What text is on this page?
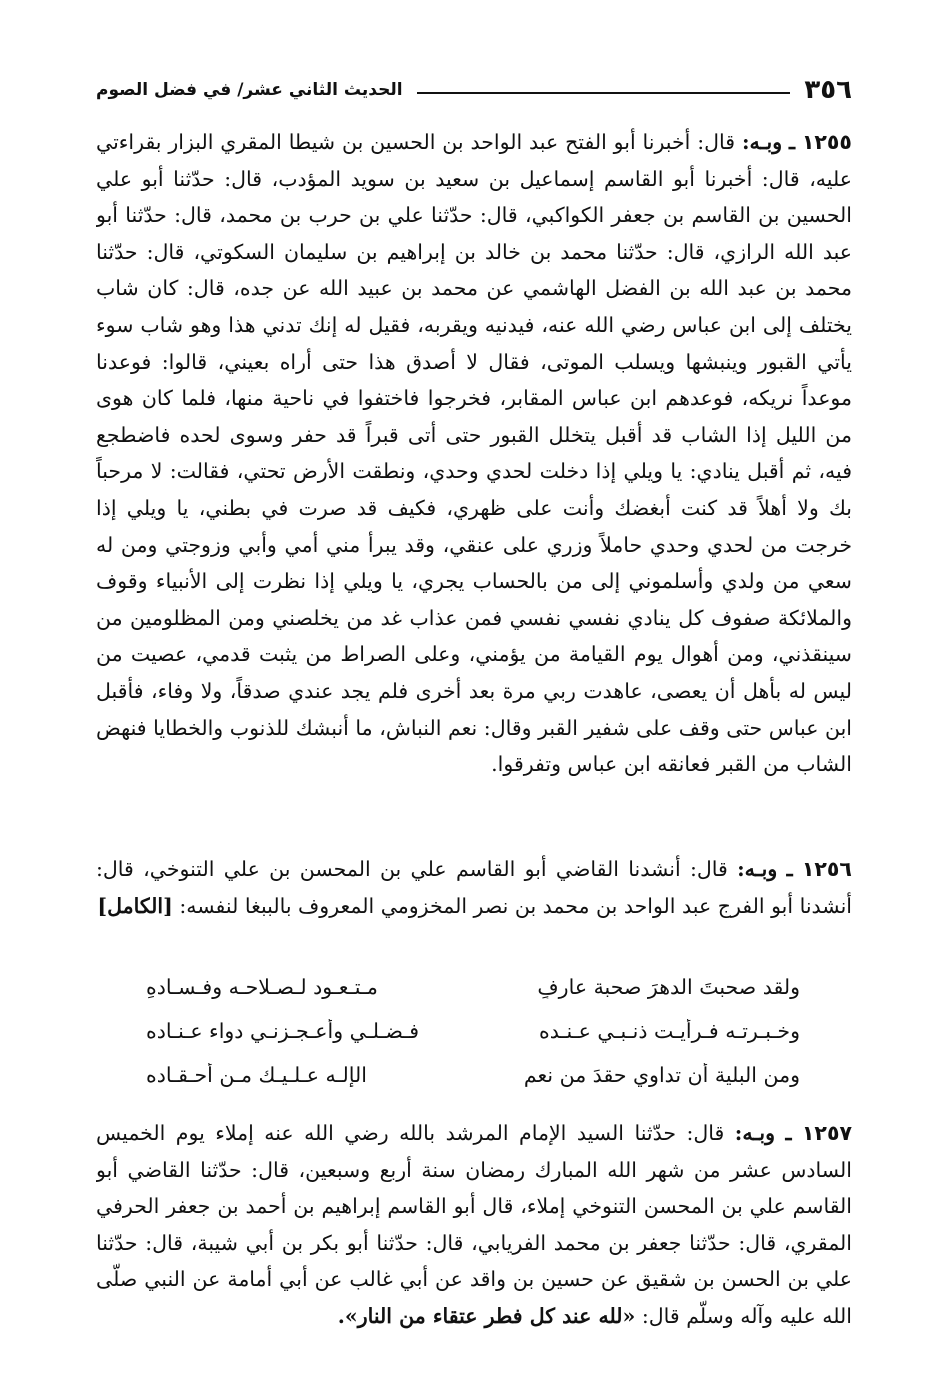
٣٥٦
الحديث الثاني عشر/ في فضل الصوم

١٢٥٥ ـ وبـه: قال: أخبرنا أبو الفتح عبد الواحد بن الحسين بن شيطا المقري البزار بقراءتي عليه، قال: أخبرنا أبو القاسم إسماعيل بن سعيد بن سويد المؤدب، قال: حدّثنا أبو علي الحسين بن القاسم بن جعفر الكواكبي، قال: حدّثنا علي بن حرب بن محمد، قال: حدّثنا أبو عبد الله الرازي، قال: حدّثنا محمد بن خالد بن إبراهيم بن سليمان السكوتي، قال: حدّثنا محمد بن عبد الله بن الفضل الهاشمي عن محمد بن عبيد الله عن جده، قال: كان شاب يختلف إلى ابن عباس رضي الله عنه، فيدنيه ويقربه، فقيل له إنك تدني هذا وهو شاب سوء يأتي القبور وينبشها ويسلب الموتى، فقال لا أصدق هذا حتى أراه بعيني، قالوا: فوعدنا موعداً نريكه، فوعدهم ابن عباس المقابر، فخرجوا فاختفوا في ناحية منها، فلما كان هوى من الليل إذا الشاب قد أقبل يتخلل القبور حتى أتى قبراً قد حفر وسوى لحده فاضطجع فيه، ثم أقبل ينادي: يا ويلي إذا دخلت لحدي وحدي، ونطقت الأرض تحتي، فقالت: لا مرحباً بك ولا أهلاً قد كنت أبغضك وأنت على ظهري، فكيف قد صرت في بطني، يا ويلي إذا خرجت من لحدي وحدي حاملاً وزري على عنقي، وقد يبرأ مني أمي وأبي وزوجتي ومن له سعي من ولدي وأسلموني إلى من بالحساب يجري، يا ويلي إذا نظرت إلى الأنبياء وقوف والملائكة صفوف كل ينادي نفسي نفسي فمن عذاب غد من يخلصني ومن المظلومين من سينقذني، ومن أهوال يوم القيامة من يؤمني، وعلى الصراط من يثبت قدمي، عصيت من ليس له بأهل أن يعصى، عاهدت ربي مرة بعد أخرى فلم يجد عندي صدقاً، ولا وفاء، فأقبل ابن عباس حتى وقف على شفير القبر وقال: نعم النباش، ما أنبشك للذنوب والخطايا فنهض الشاب من القبر فعانقه ابن عباس وتفرقوا.

١٢٥٦ ـ وبـه: قال: أنشدنا القاضي أبو القاسم علي بن المحسن بن علي التنوخي، قال: أنشدنا أبو الفرج عبد الواحد بن محمد بن نصر المخزومي المعروف بالببغا لنفسه: [الكامل]

ولقد صحبتَ الدهرَ صحبة عارفٍ
مـتـعـود لـصـلاحـه وفـسـادهِ
وخـبـرتـه فـرأيـت ذنـبـي عـنـده
فـضـلـي وأعـجـزنـي دواء عـنـاده
ومن البلية أن تداوي حقدَ من نعم
الإلـه عـلـيـك مـن أحـقـاده

١٢٥٧ ـ وبـه: قال: حدّثنا السيد الإمام المرشد بالله رضي الله عنه إملاء يوم الخميس السادس عشر من شهر الله المبارك رمضان سنة أربع وسبعين، قال: حدّثنا القاضي أبو القاسم علي بن المحسن التنوخي إملاء، قال أبو القاسم إبراهيم بن أحمد بن جعفر الحرفي المقري، قال: حدّثنا جعفر بن محمد الفريابي، قال: حدّثنا أبو بكر بن أبي شيبة، قال: حدّثنا علي بن الحسن بن شقيق عن حسين بن واقد عن أبي غالب عن أبي أمامة عن النبي صلّى الله عليه وآله وسلّم قال: «لله عند كل فطر عتقاء من النار».
